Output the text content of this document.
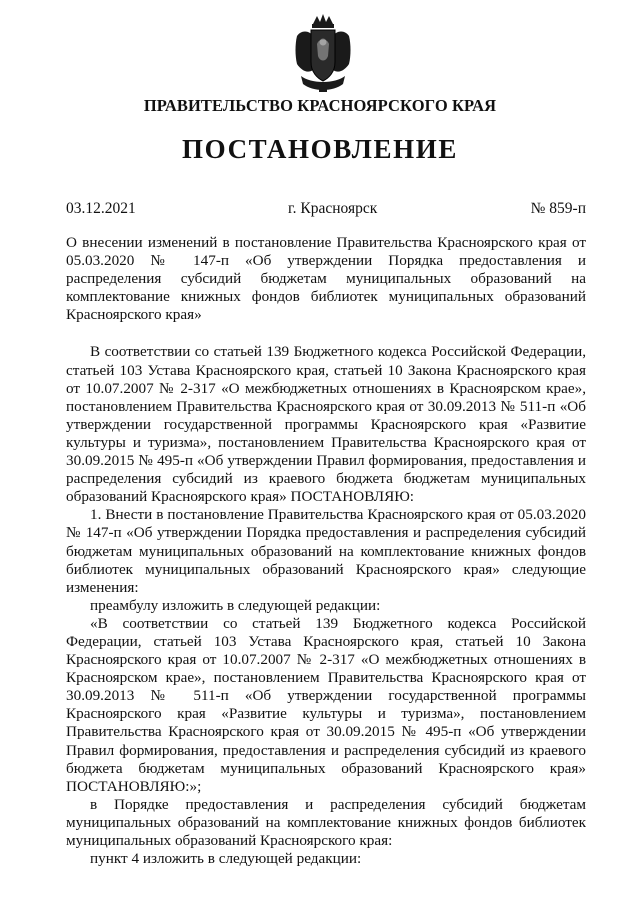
ПРАВИТЕЛЬСТВО КРАСНОЯРСКОГО КРАЯ
ПОСТАНОВЛЕНИЕ
03.12.2021	г. Красноярск	№ 859-п

О внесении изменений в постановление Правительства Красноярского края от 05.03.2020 № 147-п «Об утверждении Порядка предоставления и распределения субсидий бюджетам муниципальных образований на комплектование книжных фондов библиотек муниципальных образований Красноярского края»

В соответствии со статьей 139 Бюджетного кодекса Российской Федерации, статьей 103 Устава Красноярского края, статьей 10 Закона Красноярского края от 10.07.2007 № 2-317 «О межбюджетных отношениях в Красноярском крае», постановлением Правительства Красноярского края от 30.09.2013 № 511-п «Об утверждении государственной программы Красноярского края «Развитие культуры и туризма», постановлением Правительства Красноярского края от 30.09.2015 № 495-п «Об утверждении Правил формирования, предоставления и распределения субсидий из краевого бюджета бюджетам муниципальных образований Красноярского края» ПОСТАНОВЛЯЮ:

1. Внести в постановление Правительства Красноярского края от 05.03.2020 № 147-п «Об утверждении Порядка предоставления и распределения субсидий бюджетам муниципальных образований на комплектование книжных фондов библиотек муниципальных образований Красноярского края» следующие изменения:

преамбулу изложить в следующей редакции:

«В соответствии со статьей 139 Бюджетного кодекса Российской Федерации, статьей 103 Устава Красноярского края, статьей 10 Закона Красноярского края от 10.07.2007 № 2-317 «О межбюджетных отношениях в Красноярском крае», постановлением Правительства Красноярского края от 30.09.2013 № 511-п «Об утверждении государственной программы Красноярского края «Развитие культуры и туризма», постановлением Правительства Красноярского края от 30.09.2015 № 495-п «Об утверждении Правил формирования, предоставления и распределения субсидий из краевого бюджета бюджетам муниципальных образований Красноярского края» ПОСТАНОВЛЯЮ:»;

в Порядке предоставления и распределения субсидий бюджетам муниципальных образований на комплектование книжных фондов библиотек муниципальных образований Красноярского края:

пункт 4 изложить в следующей редакции:
